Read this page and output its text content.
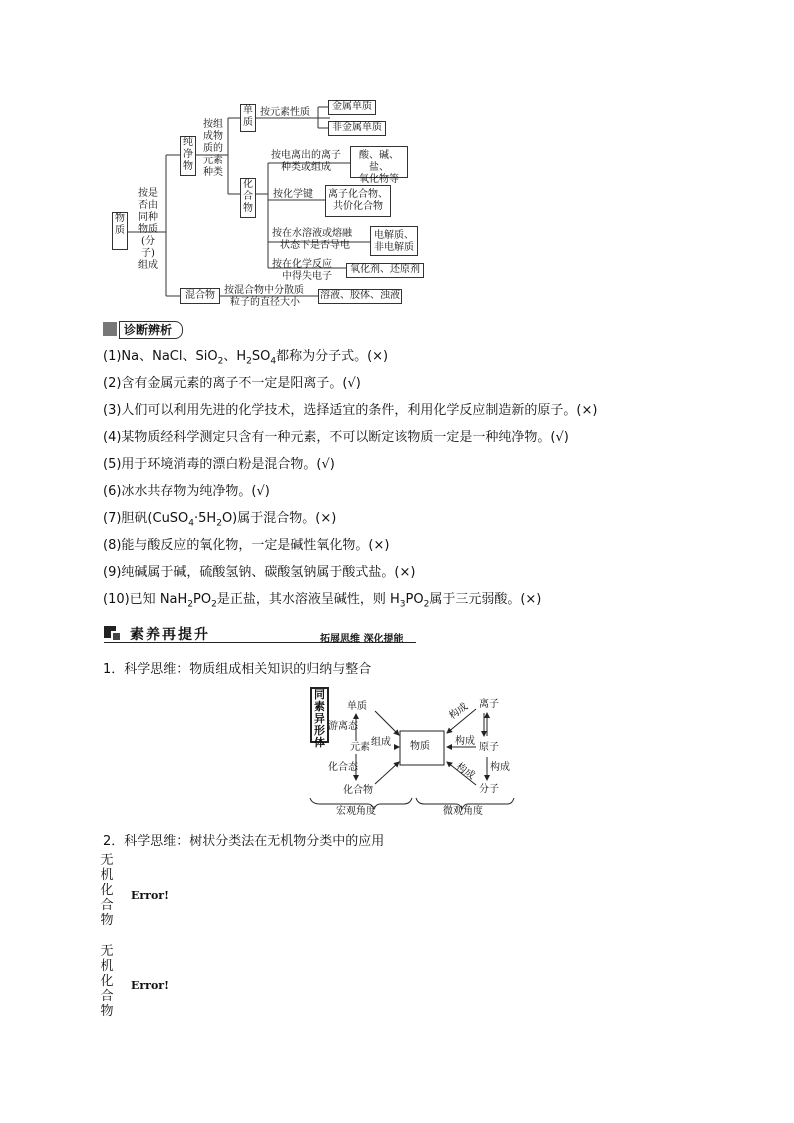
物质
按是否由同种物质(分子)组成
纯净物
按组成物质的元素种类
单质
按元素性质
金属单质
非金属单质
化合物
按电离出的离子
种类或组成
酸、碱、盐、
氧化物等
按化学键 离子化合物、
共价化合物
按在水溶液或熔融
状态下是否导电
电解质、
非电解质
按在化学反应
中得失电子
氧化剂、还原剂
混合物 按混合物中分散质
粒子的直径大小
溶液、胶体、浊液
诊断辨析
(1)Na、NaCl、SiO$_2$、$H_2SO_4$都称为分子式。(×)
(2)含有金属元素的离子不一定是阳离子。(√)
(3)人们可以利用先进的化学技术，选择适宜的条件，利用化学反应制造新的原子。(×)
(4)某物质经科学测定只含有一种元素，不可以断定该物质一定是一种纯净物。(√)
(5)用于环境消毒的漂白粉是混合物。(√)
(6)冰水共存物为纯净物。(√)
(7)胆矾$(CuSO_4\cdot 5H_2O)$属于混合物。(×)
(8)能与酸反应的氧化物，一定是碱性氧化物。(×)
(9)纯碱属于碱，硫酸氢钠、碳酸氢钠属于酸式盐。(×)
(10)已知 $NaH_2PO_2$是正盐，其水溶液呈碱性，则 $H_3PO_2$属于三元弱酸。(×)
素养再提升	拓展思维 深化提能
1．科学思维：物质组成相关知识的归纳与整合
同素异形体
单质
游离态
元素 组成
化合态
化合物
物质
离子
原子
分子
构成
构成
构成 构成
宏观角度	微观角度
2．科学思维：树状分类法在无机物分类中的应用
无机化合物
Error!
无机化合物
Error!
